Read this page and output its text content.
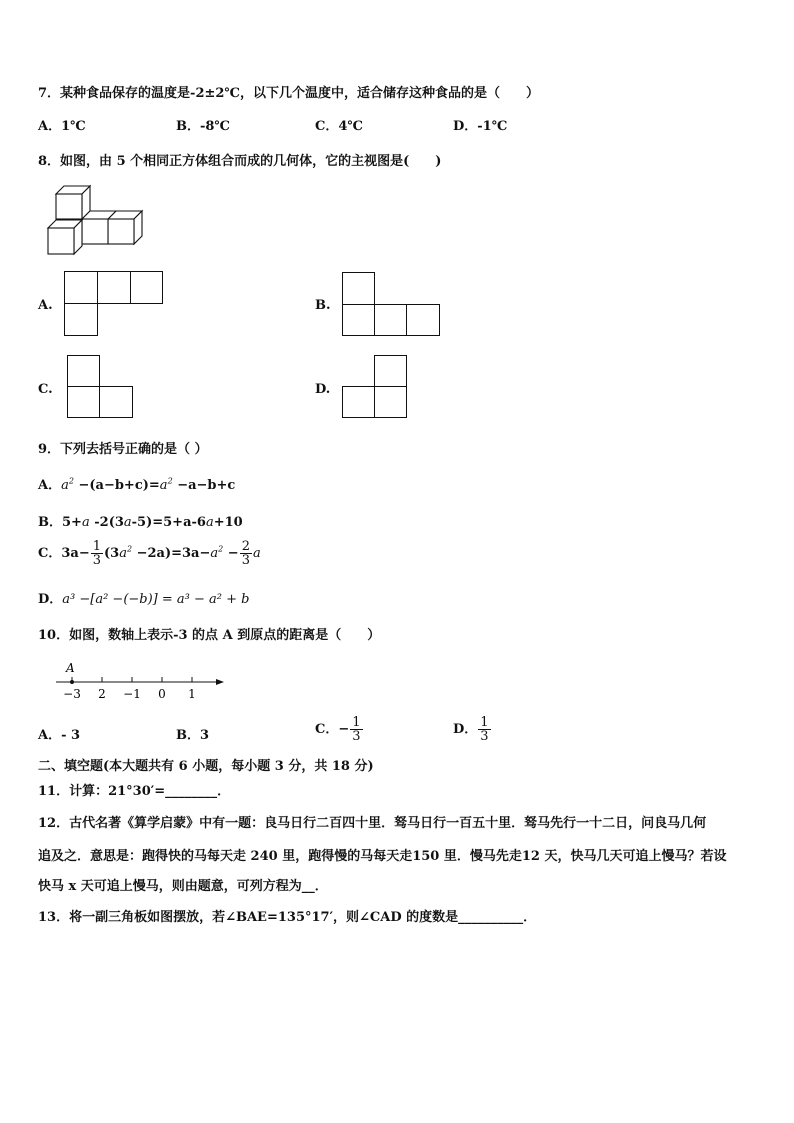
7．某种食品保存的温度是-2±2℃，以下几个温度中，适合储存这种食品的是（　　）
A．1℃	B．-8℃	C．4℃	D．-1℃
8．如图，由 5 个相同正方体组合而成的几何体，它的主视图是(　　)
A.	B.
C.	D.
9．下列去括号正确的是（ ）
A．$a^2 -(a-b+c)=a^2 -a-b+c$
B．5+a -2(3a-5)=5+a-6a+10
C．$3a- \frac{1}{3} (3a^2 -2a)=3a-a^2 - \frac{2}{3}$ a
D．a³ −[a² −(−b)] = a³ − a² + b
10．如图，数轴上表示-3 的点 A 到原点的距离是（　　）
A
−3 2 −1 0 1
A．- 3	B．3	C．− $\frac{1}{3}$	D． $\frac{1}{3}$
二、填空题(本大题共有 6 小题，每小题 3 分，共 18 分)
11．计算：21°30′=________．
12．古代名著《算学启蒙》中有一题：良马日行二百四十里．驽马日行一百五十里．驽马先行一十二日，问良马几何
追及之．意思是：跑得快的马每天走 240 里，跑得慢的马每天走150 里．慢马先走12 天，快马几天可追上慢马？若设
快马 x 天可追上慢马，则由题意，可列方程为__．
13．将一副三角板如图摆放，若∠BAE=135°17′，则∠CAD 的度数是__________．
